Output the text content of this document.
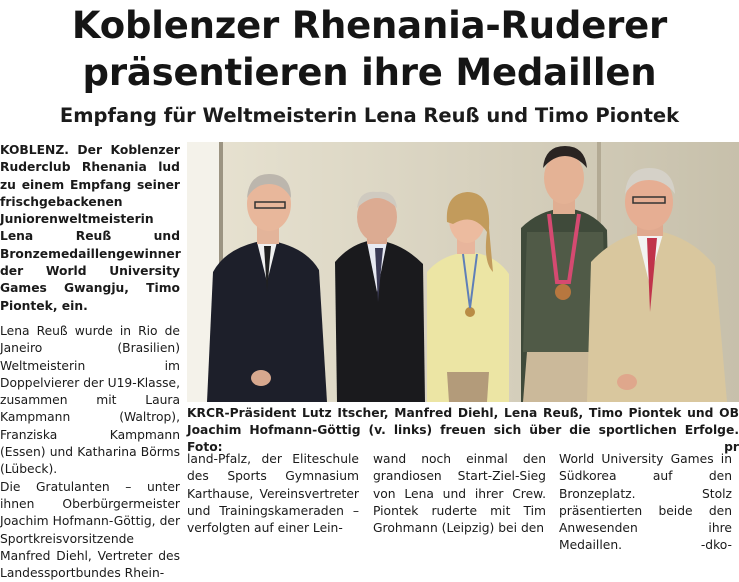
Koblenzer Rhenania-Ruderer
präsentieren ihre Medaillen
Empfang für Weltmeisterin Lena Reuß und Timo Piontek

KOBLENZ. Der Koblenzer Ruderclub Rhenania lud zu einem Empfang seiner frischgebackenen Juniorenweltmeisterin Lena Reuß und Bronzemedaillengewinner der World University Games Gwangju, Timo Piontek, ein.

Lena Reuß wurde in Rio de Janeiro (Brasilien) Weltmeisterin im Doppelvierer der U19-Klasse, zusammen mit Laura Kampmann (Waltrop), Franziska Kampmann (Essen) und Katharina Börms (Lübeck).

Die Gratulanten – unter ihnen Oberbürgermeister Joachim Hofmann-Göttig, der Sportkreisvorsitzende Manfred Diehl, Vertreter des Landessportbundes Rhein-

KRCR-Präsident Lutz Itscher, Manfred Diehl, Lena Reuß, Timo Piontek und OB Joachim Hofmann-Göttig (v. links) freuen sich über die sportlichen Erfolge. Foto: pr

land-Pfalz, der Eliteschule des Sports Gymnasium Karthause, Vereinsvertreter und Trainingskameraden – verfolgten auf einer Lein-

wand noch einmal den grandiosen Start-Ziel-Sieg von Lena und ihrer Crew. Piontek ruderte mit Tim Grohmann (Leipzig) bei den

World University Games in Südkorea auf den Bronzeplatz. Stolz präsentierten beide den Anwesenden ihre Medaillen.	-dko-
